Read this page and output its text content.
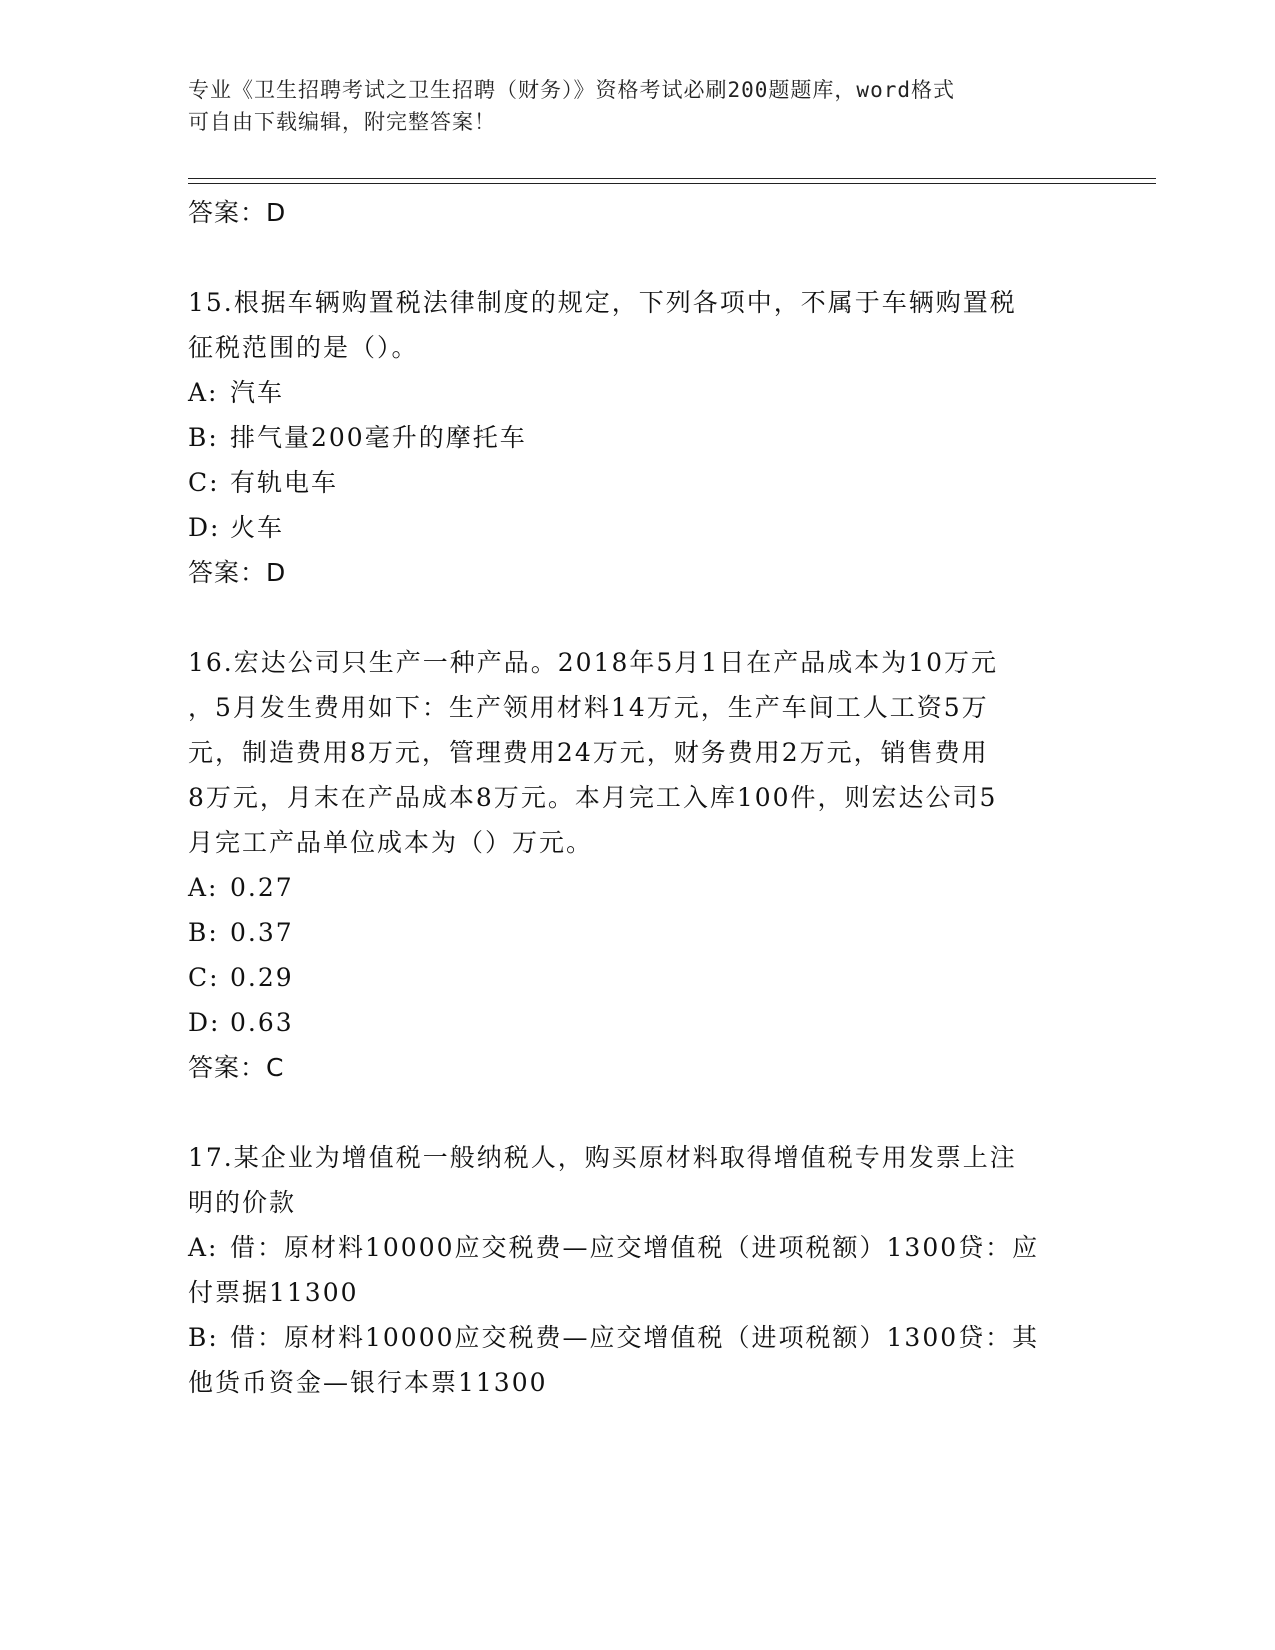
专业《卫生招聘考试之卫生招聘（财务）》资格考试必刷200题题库，word格式
可自由下载编辑，附完整答案！
答案：D
15.根据车辆购置税法律制度的规定，下列各项中，不属于车辆购置税
征税范围的是（）。
A: 汽车
B: 排气量200毫升的摩托车
C: 有轨电车
D: 火车
答案：D
16.宏达公司只生产一种产品。2018年5月1日在产品成本为10万元
，5月发生费用如下：生产领用材料14万元，生产车间工人工资5万
元，制造费用8万元，管理费用24万元，财务费用2万元，销售费用
8万元，月末在产品成本8万元。本月完工入库100件，则宏达公司5
月完工产品单位成本为（）万元。
A: 0.27
B: 0.37
C: 0.29
D: 0.63
答案：C
17.某企业为增值税一般纳税人，购买原材料取得增值税专用发票上注
明的价款
A: 借：原材料10000应交税费—应交增值税（进项税额）1300贷：应
付票据11300
B: 借：原材料10000应交税费—应交增值税（进项税额）1300贷：其
他货币资金—银行本票11300
